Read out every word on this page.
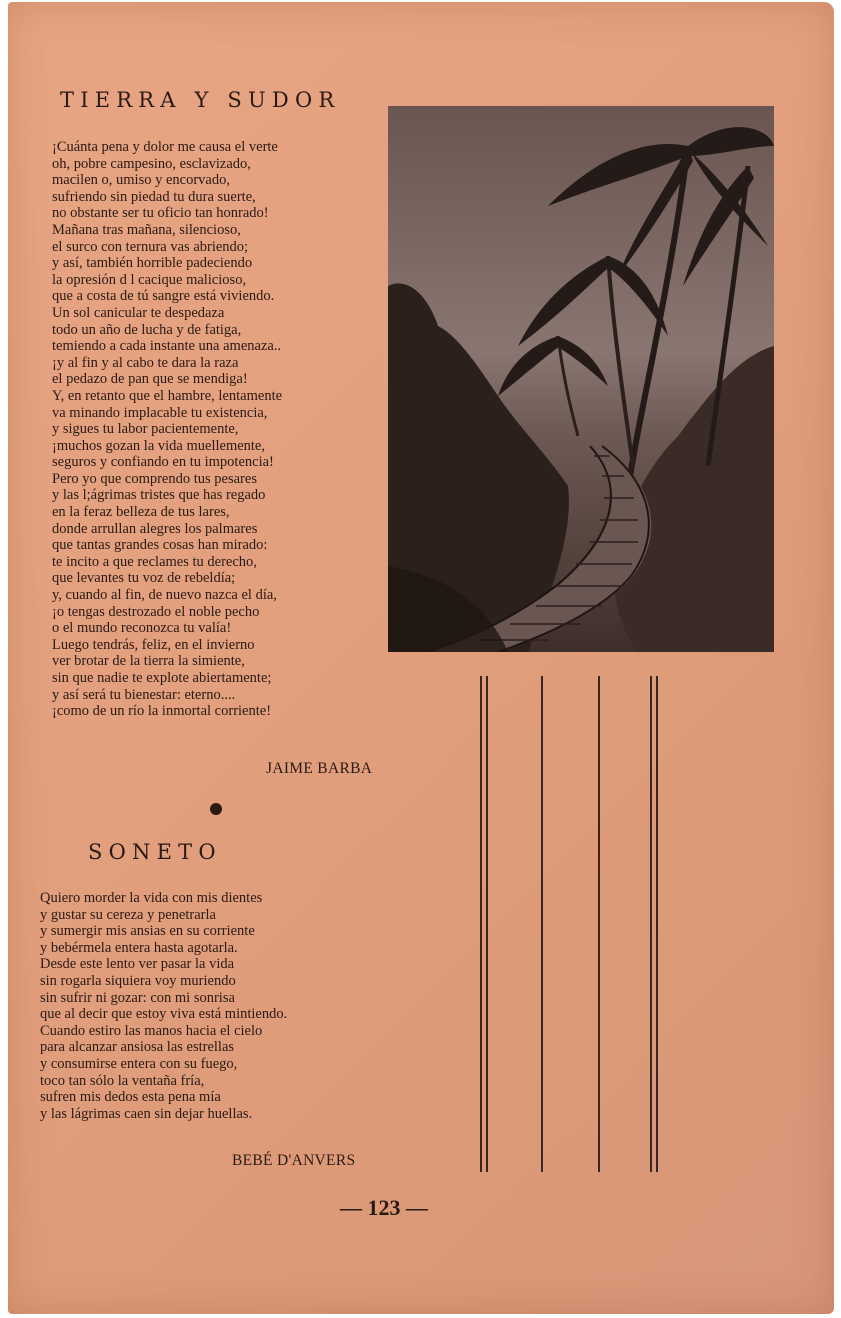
TIERRA Y SUDOR
¡Cuánta pena y dolor me causa el verte
oh, pobre campesino, esclavizado,
macilen o, umiso y encorvado,
sufriendo sin piedad tu dura suerte,
no obstante ser tu oficio tan honrado!
Mañana tras mañana, silencioso,
el surco con ternura vas abriendo;
y así, también horrible padeciendo
la opresión d l cacique malicioso,
que a costa de tú sangre está viviendo.
Un sol canicular te despedaza
todo un año de lucha y de fatiga,
temiendo a cada instante una amenaza..
¡y al fin y al cabo te dara la raza
el pedazo de pan que se mendiga!
Y, en retanto que el hambre, lentamente
va minando implacable tu existencia,
y sigues tu labor pacientemente,
¡muchos gozan la vida muellemente,
seguros y confiando en tu impotencia!
Pero yo que comprendo tus pesares
y las l;ágrimas tristes que has regado
en la feraz belleza de tus lares,
donde arrullan alegres los palmares
que tantas grandes cosas han mirado:
te incito a que reclames tu derecho,
que levantes tu voz de rebeldía;
y, cuando al fin, de nuevo nazca el día,
¡o tengas destrozado el noble pecho
o el mundo reconozca tu valía!
Luego tendrás, feliz, en el invierno
ver brotar de la tierra la simiente,
sin que nadie te explote abiertamente;
y así será tu bienestar: eterno....
¡como de un río la inmortal corriente!
JAIME BARBA
SONETO
Quiero morder la vida con mis dientes
y gustar su cereza y penetrarla
y sumergir mis ansias en su corriente
y bebérmela entera hasta agotarla.
Desde este lento ver pasar la vida
sin rogarla siquiera voy muriendo
sin sufrir ni gozar: con mi sonrisa
que al decir que estoy viva está mintiendo.
Cuando estiro las manos hacia el cielo
para alcanzar ansiosa las estrellas
y consumirse entera con su fuego,
toco tan sólo la ventaña fría,
sufren mis dedos esta pena mía
y las lágrimas caen sin dejar huellas.
BEBÉ D'ANVERS
— 123 —
